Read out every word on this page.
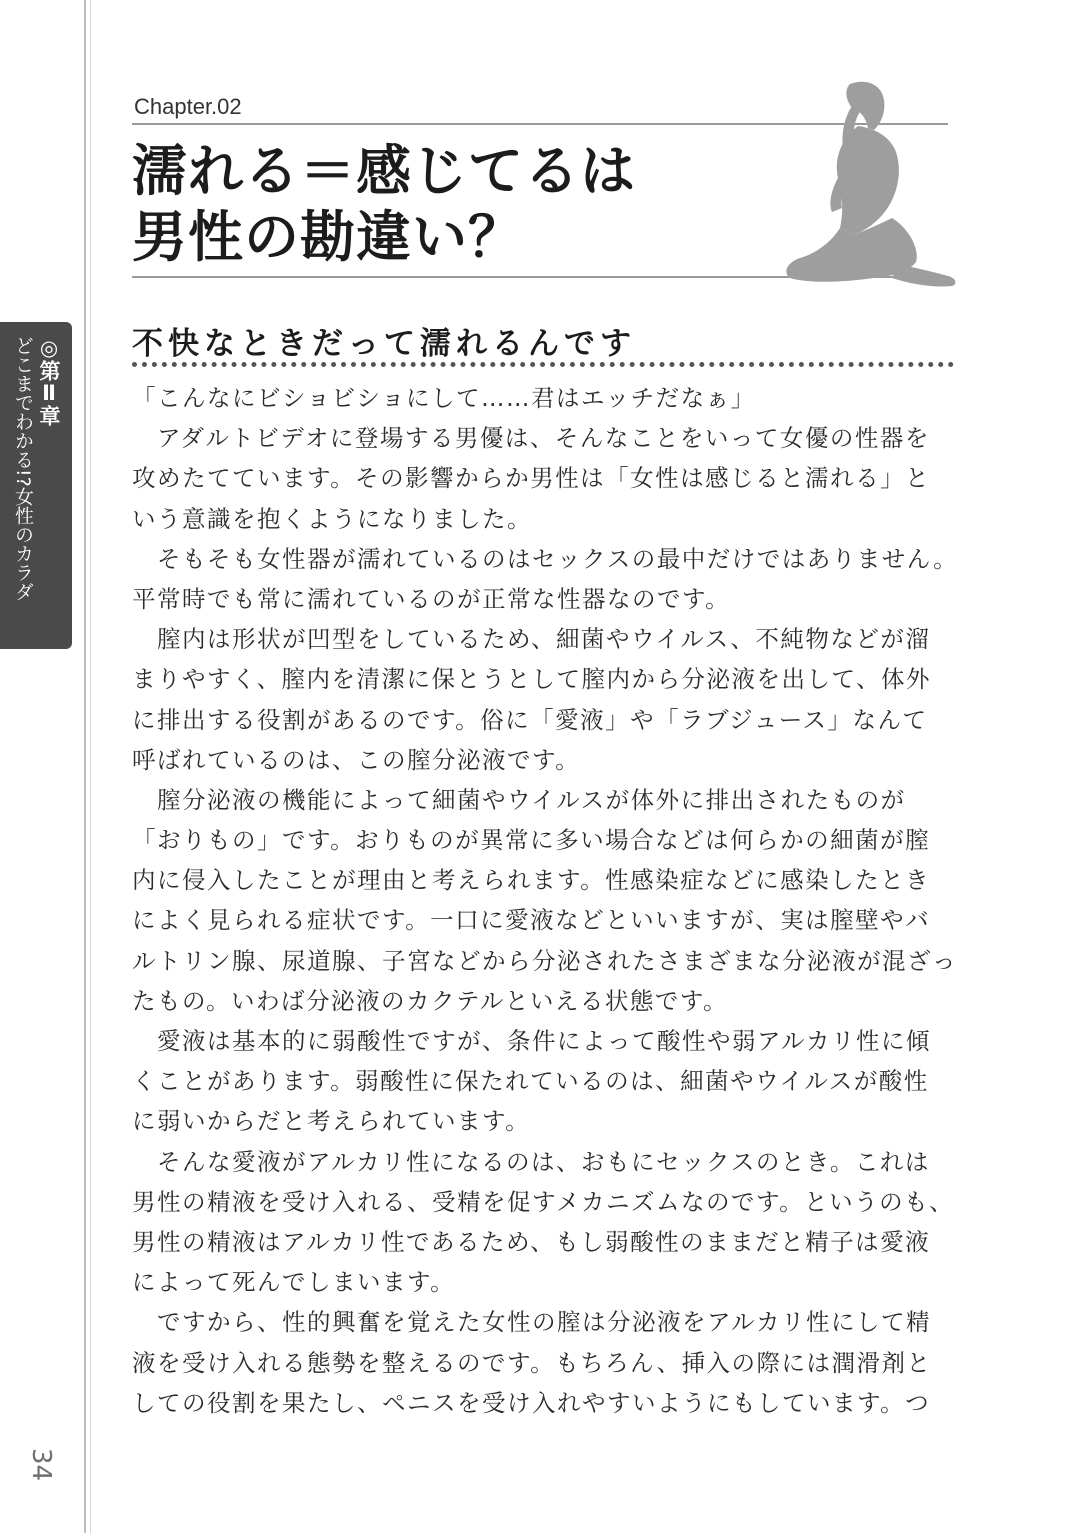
◎第Ⅱ章
どこまでわかる!?女性のカラダ
34
Chapter.02
濡れる＝感じてるは
男性の勘違い？
不快なときだって濡れるんです
「こんなにビショビショにして……君はエッチだなぁ」
　アダルトビデオに登場する男優は、そんなことをいって女優の性器を
攻めたてています。その影響からか男性は「女性は感じると濡れる」と
いう意識を抱くようになりました。
　そもそも女性器が濡れているのはセックスの最中だけではありません。
平常時でも常に濡れているのが正常な性器なのです。
　膣内は形状が凹型をしているため、細菌やウイルス、不純物などが溜
まりやすく、膣内を清潔に保とうとして膣内から分泌液を出して、体外
に排出する役割があるのです。俗に「愛液」や「ラブジュース」なんて
呼ばれているのは、この膣分泌液です。
　膣分泌液の機能によって細菌やウイルスが体外に排出されたものが
「おりもの」です。おりものが異常に多い場合などは何らかの細菌が膣
内に侵入したことが理由と考えられます。性感染症などに感染したとき
によく見られる症状です。一口に愛液などといいますが、実は膣壁やバ
ルトリン腺、尿道腺、子宮などから分泌されたさまざまな分泌液が混ざっ
たもの。いわば分泌液のカクテルといえる状態です。
　愛液は基本的に弱酸性ですが、条件によって酸性や弱アルカリ性に傾
くことがあります。弱酸性に保たれているのは、細菌やウイルスが酸性
に弱いからだと考えられています。
　そんな愛液がアルカリ性になるのは、おもにセックスのとき。これは
男性の精液を受け入れる、受精を促すメカニズムなのです。というのも、
男性の精液はアルカリ性であるため、もし弱酸性のままだと精子は愛液
によって死んでしまいます。
　ですから、性的興奮を覚えた女性の膣は分泌液をアルカリ性にして精
液を受け入れる態勢を整えるのです。もちろん、挿入の際には潤滑剤と
しての役割を果たし、ペニスを受け入れやすいようにもしています。つ
